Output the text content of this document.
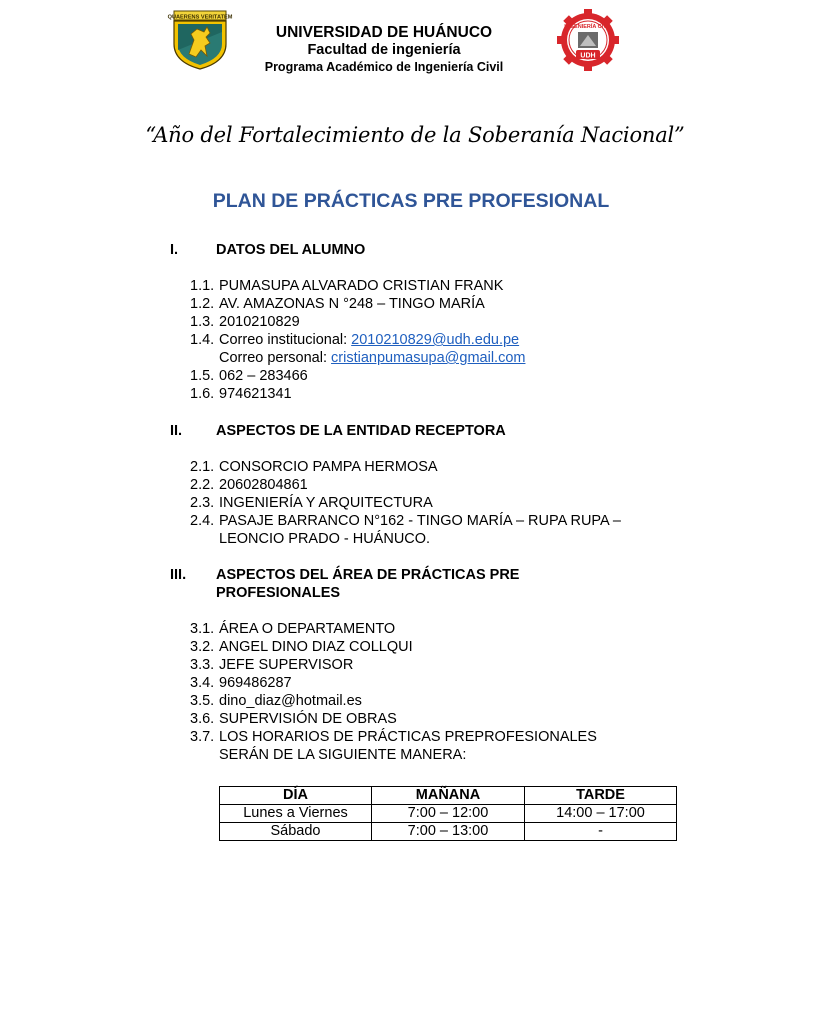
QUAERENS VERITATEM
INGENIERÍA CIVIL
UDH
UNIVERSIDAD DE HUÁNUCO
Facultad de ingeniería
Programa Académico de Ingeniería Civil
“Año del Fortalecimiento de la Soberanía Nacional”
PLAN DE PRÁCTICAS PRE PROFESIONAL
I.	DATOS DEL ALUMNO
1.1. PUMASUPA ALVARADO CRISTIAN FRANK
1.2. AV. AMAZONAS N °248 – TINGO MARÍA
1.3. 2010210829
1.4. Correo institucional: 2010210829@udh.edu.pe
Correo personal: cristianpumasupa@gmail.com
1.5. 062 – 283466
1.6. 974621341
II. ASPECTOS DE LA ENTIDAD RECEPTORA
2.1. CONSORCIO PAMPA HERMOSA
2.2. 20602804861
2.3. INGENIERÍA Y ARQUITECTURA
2.4. PASAJE BARRANCO N°162 - TINGO MARÍA – RUPA RUPA –
LEONCIO PRADO - HUÁNUCO.
III. ASPECTOS DEL ÁREA DE PRÁCTICAS PRE
PROFESIONALES
3.1. ÁREA O DEPARTAMENTO
3.2. ANGEL DINO DIAZ COLLQUI
3.3. JEFE SUPERVISOR
3.4. 969486287
3.5. dino_diaz@hotmail.es
3.6. SUPERVISIÓN DE OBRAS
3.7. LOS HORARIOS DE PRÁCTICAS PREPROFESIONALES
SERÁN DE LA SIGUIENTE MANERA:
DÍA	MAÑANA	TARDE
Lunes a Viernes	7:00 – 12:00	14:00 – 17:00
Sábado	7:00 – 13:00	-
